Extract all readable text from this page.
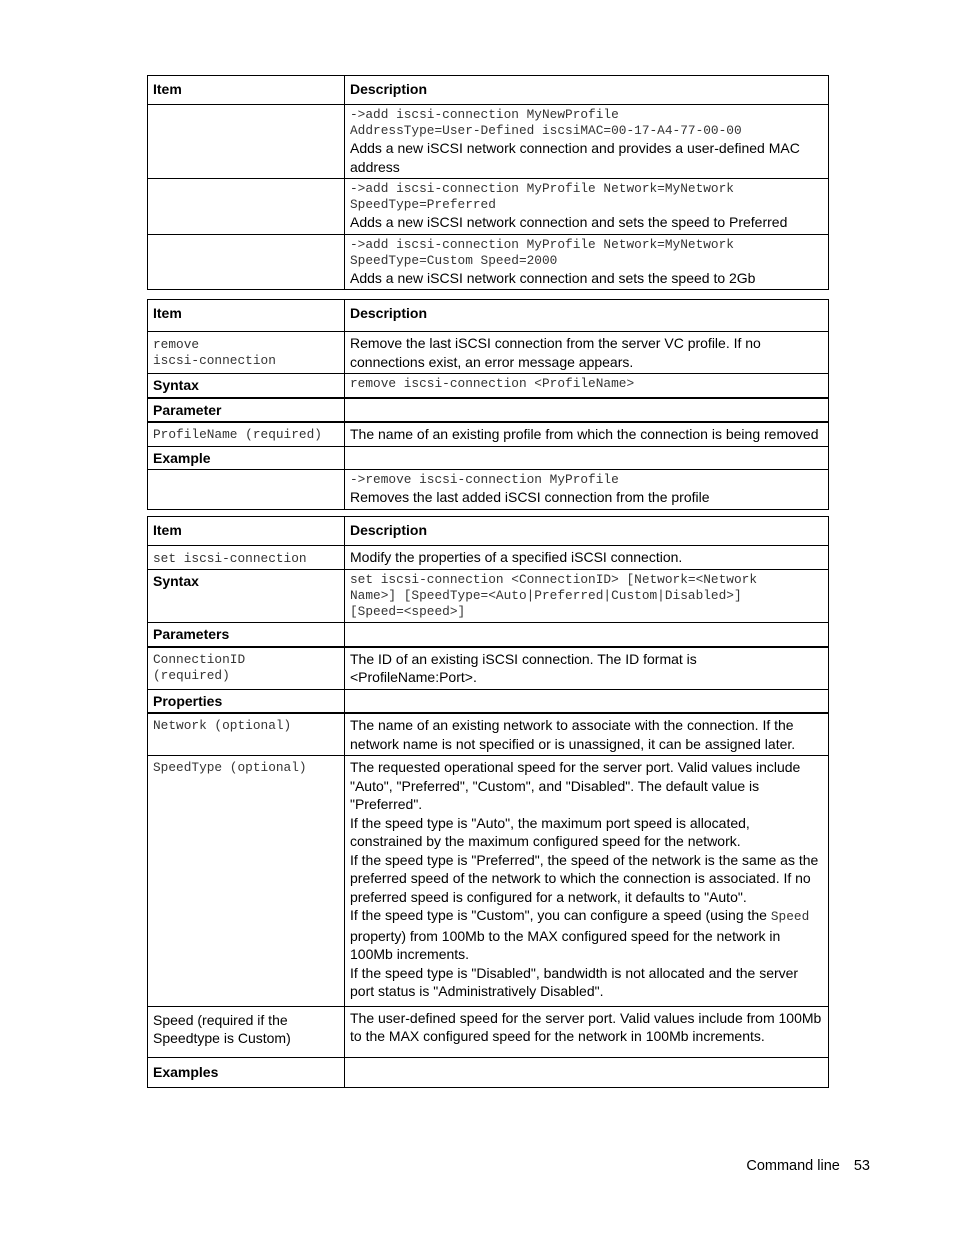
Item	Description

	->add iscsi-connection MyNewProfile
AddressType=User-Defined iscsiMAC=00-17-A4-77-00-00
Adds a new iSCSI network connection and provides a user-defined MAC address

	->add iscsi-connection MyProfile Network=MyNetwork
SpeedType=Preferred
Adds a new iSCSI network connection and sets the speed to Preferred

	->add iscsi-connection MyProfile Network=MyNetwork
SpeedType=Custom Speed=2000
Adds a new iSCSI network connection and sets the speed to 2Gb
Item	Description

remove
iscsi-connection	Remove the last iSCSI connection from the server VC profile. If no connections exist, an error message appears.
Syntax	remove iscsi-connection <ProfileName>

Parameter	

ProfileName (required)	The name of an existing profile from which the connection is being removed
Example	

	->remove iscsi-connection MyProfile
Removes the last added iSCSI connection from the profile
Item	Description

set iscsi-connection	Modify the properties of a specified iSCSI connection.
Syntax	set iscsi-connection <ConnectionID> [Network=<Network
Name>] [SpeedType=<Auto|Preferred|Custom|Disabled>]
[Speed=<speed>]

Parameters	

ConnectionID
(required)	The ID of an existing iSCSI connection. The ID format is <ProfileName:Port>.
Properties	

Network (optional)	The name of an existing network to associate with the connection. If the network name is not specified or is unassigned, it can be assigned later.

SpeedType (optional)	The requested operational speed for the server port. Valid values include "Auto", "Preferred", "Custom", and "Disabled". The default value is "Preferred".
If the speed type is "Auto", the maximum port speed is allocated, constrained by the maximum configured speed for the network.
If the speed type is "Preferred", the speed of the network is the same as the preferred speed of the network to which the connection is associated. If no preferred speed is configured for a network, it defaults to "Auto".
If the speed type is "Custom", you can configure a speed (using the Speed property) from 100Mb to the MAX configured speed for the network in 100Mb increments.
If the speed type is "Disabled", bandwidth is not allocated and the server port status is "Administratively Disabled".

Speed (required if the Speedtype is Custom)	The user-defined speed for the server port. Valid values include from 100Mb to the MAX configured speed for the network in 100Mb increments.
Examples	
Command line 53
